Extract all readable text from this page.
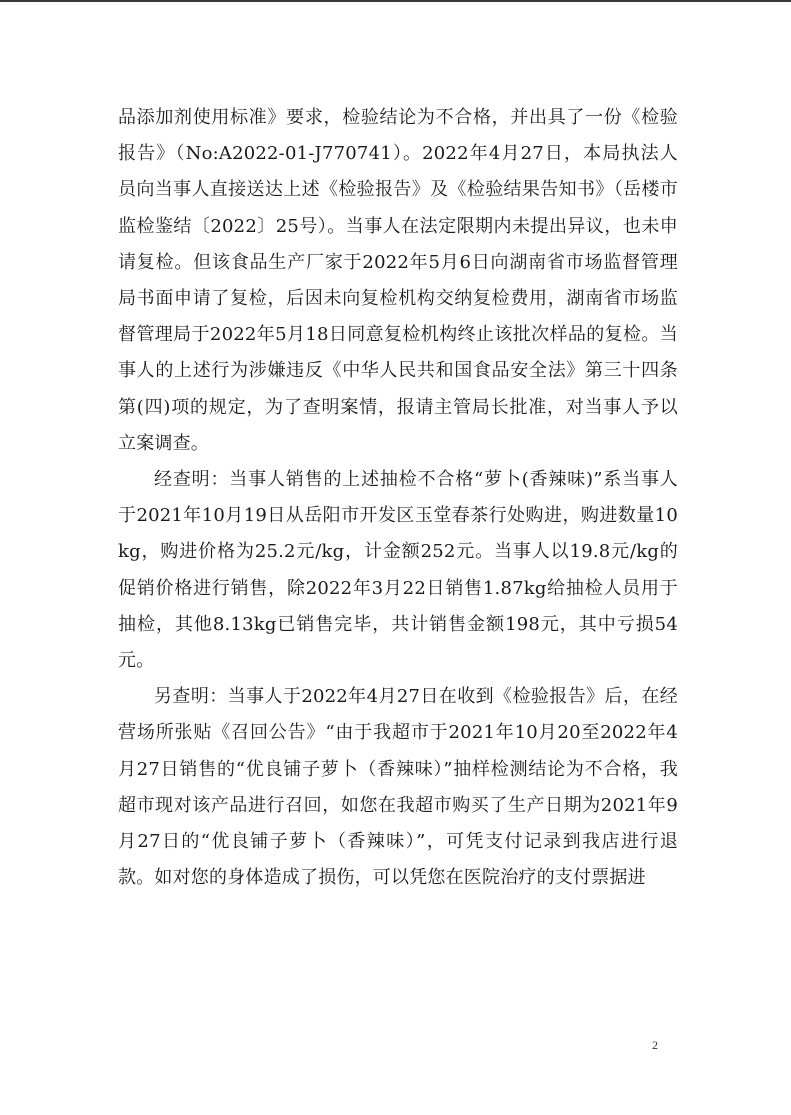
品添加剂使用标准》要求，检验结论为不合格，并出具了一份《检验报告》（No:A2022-01-J770741）。2022年4月27日，本局执法人员向当事人直接送达上述《检验报告》及《检验结果告知书》（岳楼市监检鉴结〔2022〕25号）。当事人在法定限期内未提出异议，也未申请复检。但该食品生产厂家于2022年5月6日向湖南省市场监督管理局书面申请了复检，后因未向复检机构交纳复检费用，湖南省市场监督管理局于2022年5月18日同意复检机构终止该批次样品的复检。当事人的上述行为涉嫌违反《中华人民共和国食品安全法》第三十四条第(四)项的规定，为了查明案情，报请主管局长批准，对当事人予以立案调查。

经查明：当事人销售的上述抽检不合格“萝卜(香辣味)”系当事人于2021年10月19日从岳阳市开发区玉堂春茶行处购进，购进数量10kg，购进价格为25.2元/kg，计金额252元。当事人以19.8元/kg的促销价格进行销售，除2022年3月22日销售1.87kg给抽检人员用于抽检，其他8.13kg已销售完毕，共计销售金额198元，其中亏损54元。

另查明：当事人于2022年4月27日在收到《检验报告》后，在经营场所张贴《召回公告》“由于我超市于2021年10月20至2022年4月27日销售的“优良铺子萝卜（香辣味）”抽样检测结论为不合格，我超市现对该产品进行召回，如您在我超市购买了生产日期为2021年9月27日的“优良铺子萝卜（香辣味）”，可凭支付记录到我店进行退款。如对您的身体造成了损伤，可以凭您在医院治疗的支付票据进

2
